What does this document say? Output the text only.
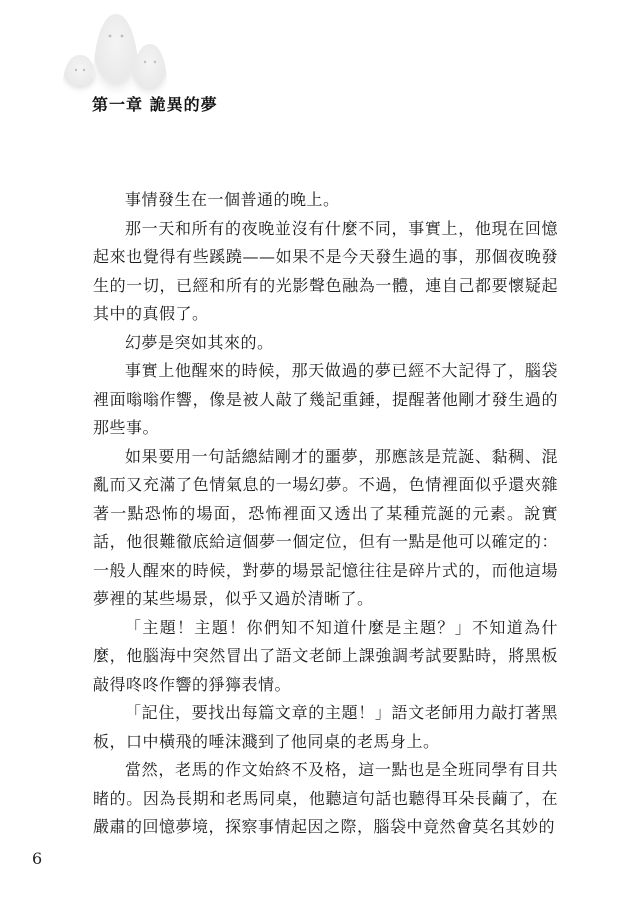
第一章 詭異的夢

事情發生在一個普通的晚上。

那一天和所有的夜晚並沒有什麼不同，事實上，他現在回憶起來也覺得有些蹊蹺——如果不是今天發生過的事，那個夜晚發生的一切，已經和所有的光影聲色融為一體，連自己都要懷疑起其中的真假了。

幻夢是突如其來的。

事實上他醒來的時候，那天做過的夢已經不大記得了，腦袋裡面嗡嗡作響，像是被人敲了幾記重錘，提醒著他剛才發生過的那些事。

如果要用一句話總結剛才的噩夢，那應該是荒誕、黏稠、混亂而又充滿了色情氣息的一場幻夢。不過，色情裡面似乎還夾雜著一點恐怖的場面，恐怖裡面又透出了某種荒誕的元素。說實話，他很難徹底給這個夢一個定位，但有一點是他可以確定的：一般人醒來的時候，對夢的場景記憶往往是碎片式的，而他這場夢裡的某些場景，似乎又過於清晰了。

「主題！主題！你們知不知道什麼是主題？」不知道為什麼，他腦海中突然冒出了語文老師上課強調考試要點時，將黑板敲得咚咚作響的猙獰表情。

「記住，要找出每篇文章的主題！」語文老師用力敲打著黑板，口中橫飛的唾沫濺到了他同桌的老馬身上。

當然，老馬的作文始終不及格，這一點也是全班同學有目共睹的。因為長期和老馬同桌，他聽這句話也聽得耳朵長繭了，在嚴肅的回憶夢境，探察事情起因之際，腦袋中竟然會莫名其妙的

6
